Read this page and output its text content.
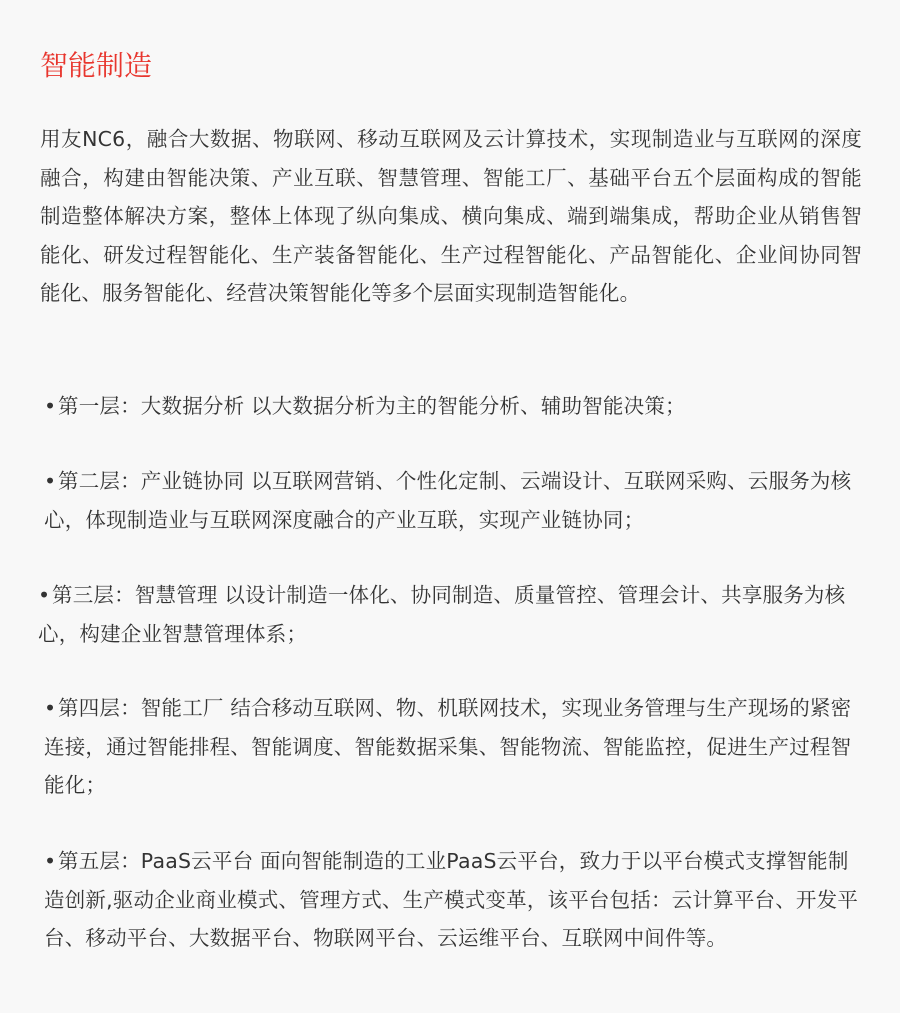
智能制造

用友NC6，融合大数据、物联网、移动互联网及云计算技术，实现制造业与互联网的深度融合，构建由智能决策、产业互联、智慧管理、智能工厂、基础平台五个层面构成的智能制造整体解决方案，整体上体现了纵向集成、横向集成、端到端集成，帮助企业从销售智能化、研发过程智能化、生产装备智能化、生产过程智能化、产品智能化、企业间协同智能化、服务智能化、经营决策智能化等多个层面实现制造智能化。

•第一层：大数据分析 以大数据分析为主的智能分析、辅助智能决策；

•第二层：产业链协同 以互联网营销、个性化定制、云端设计、互联网采购、云服务为核心，体现制造业与互联网深度融合的产业互联，实现产业链协同；

•第三层：智慧管理 以设计制造一体化、协同制造、质量管控、管理会计、共享服务为核心，构建企业智慧管理体系；

•第四层：智能工厂 结合移动互联网、物、机联网技术，实现业务管理与生产现场的紧密连接，通过智能排程、智能调度、智能数据采集、智能物流、智能监控，促进生产过程智能化；

•第五层：PaaS云平台 面向智能制造的工业PaaS云平台，致力于以平台模式支撑智能制造创新,驱动企业商业模式、管理方式、生产模式变革，该平台包括：云计算平台、开发平台、移动平台、大数据平台、物联网平台、云运维平台、互联网中间件等。
